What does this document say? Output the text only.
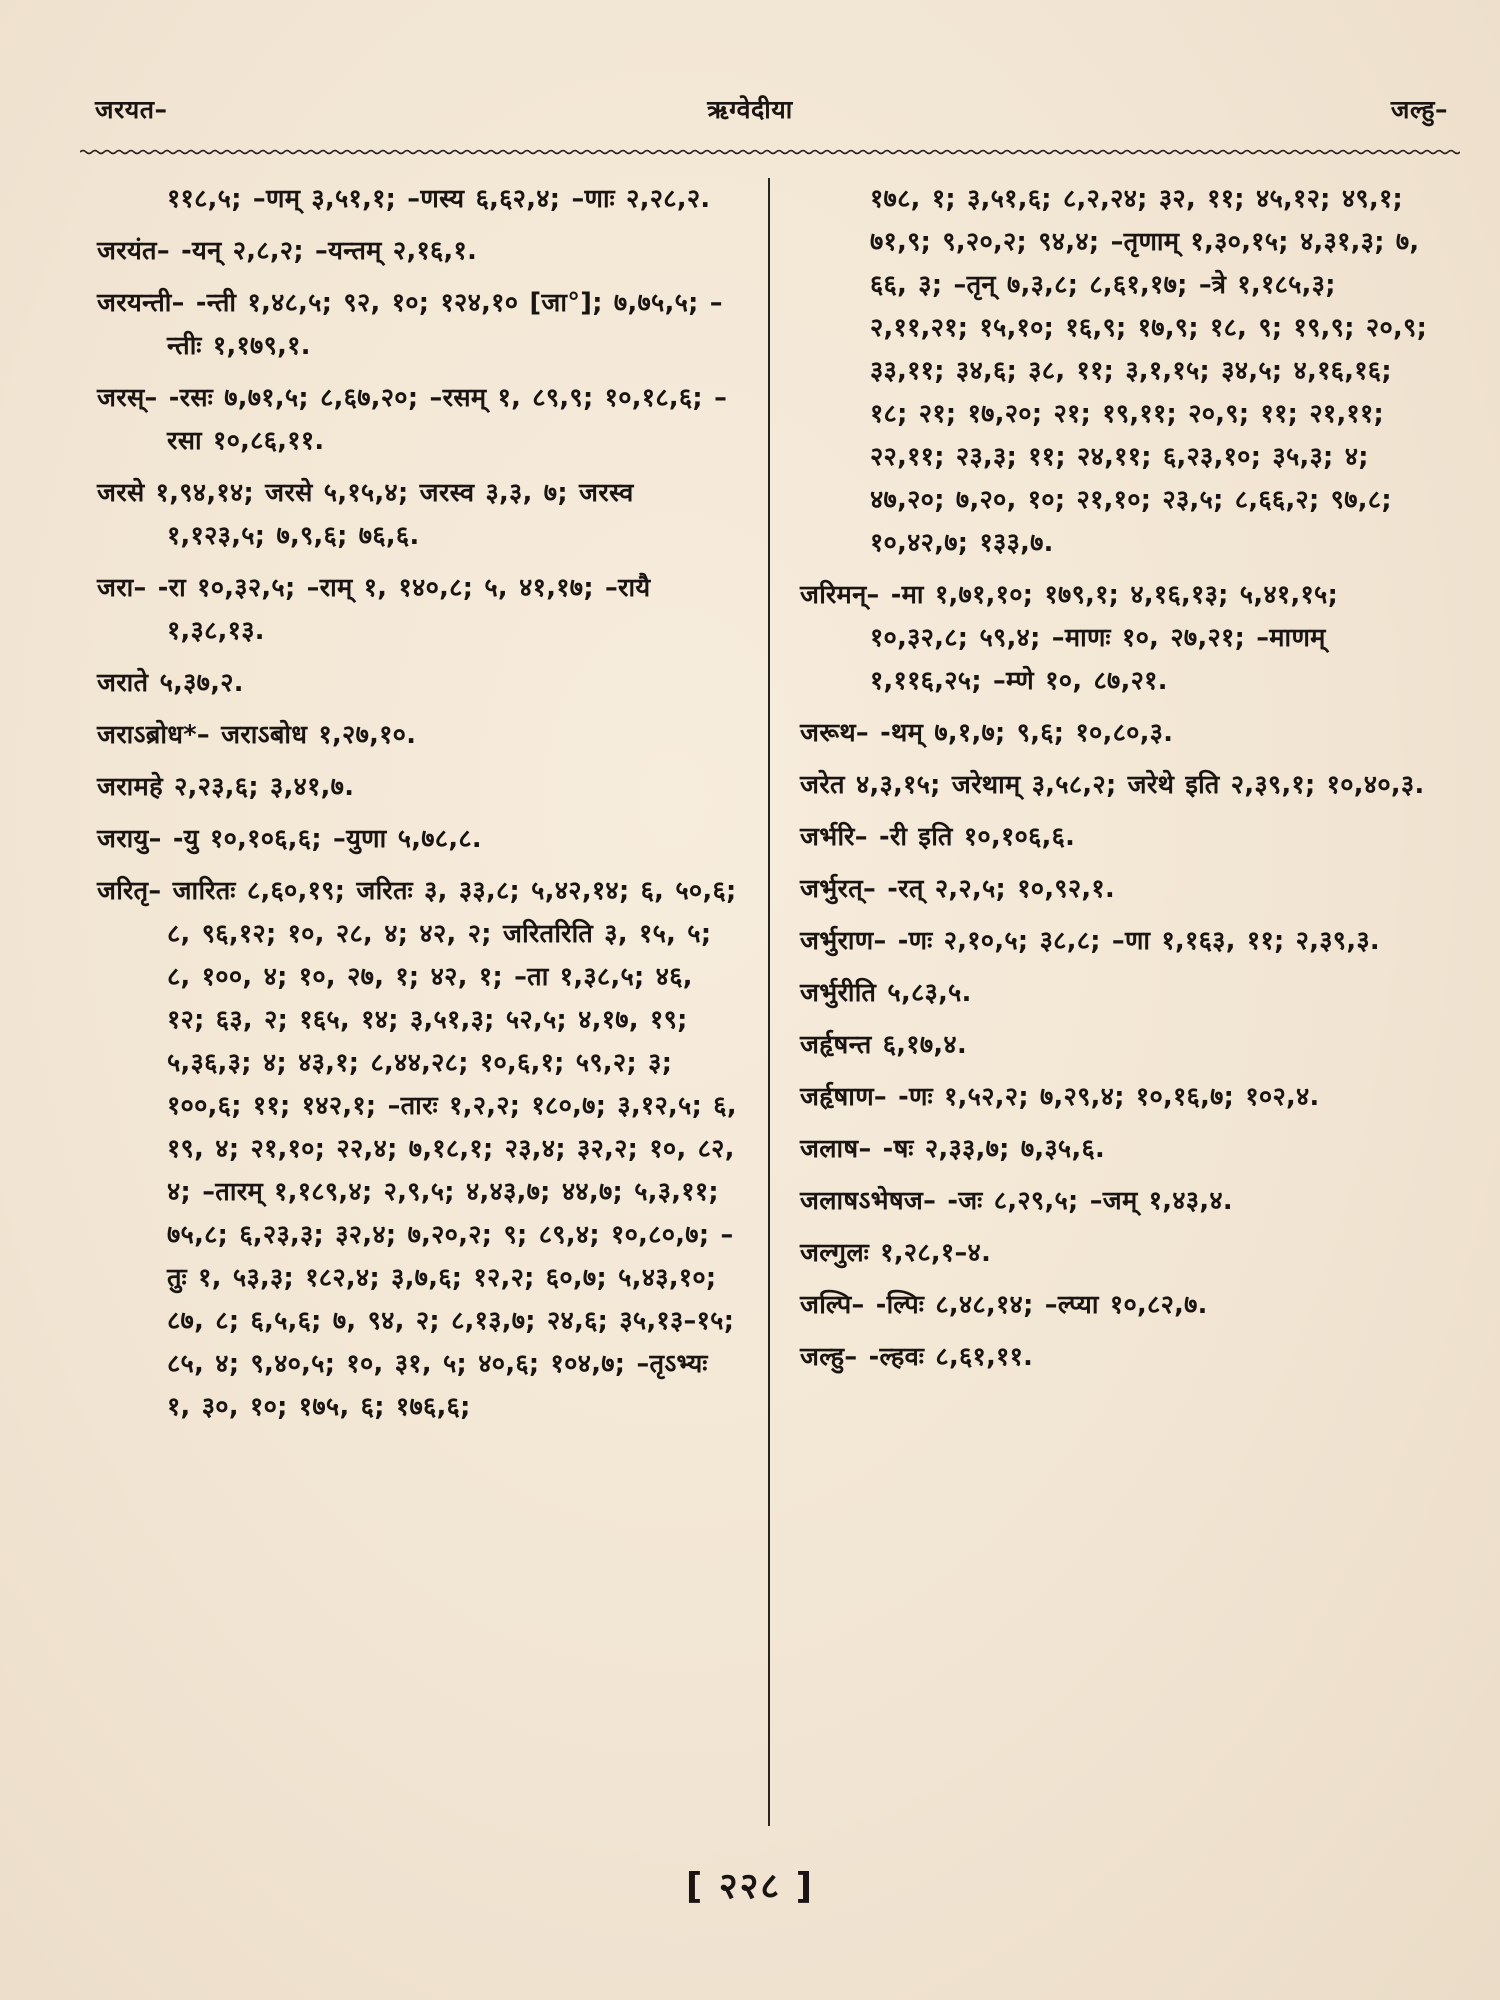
जरयत–	ऋग्वेदीया	जल्हु–

११८,५; –णम् ३,५१,१; –णस्य ६,६२,४; –णाः २,२८,२.

जरयंत– -यन् २,८,२; –यन्तम् २,१६,१.

जरयन्ती– -न्ती १,४८,५; ९२, १०; १२४,१० [जा°]; ७,७५,५; –न्तीः १,१७९,१.

जरस्– -रसः ७,७१,५; ८,६७,२०; –रसम् १, ८९,९; १०,१८,६; –रसा १०,८६,११.

जरसे १,९४,१४; जरसे ५,१५,४; जरस्व ३,३, ७; जरस्व १,१२३,५; ७,९,६; ७६,६.

जरा– -रा १०,३२,५; –राम् १, १४०,८; ५, ४१,१७; –रायै १,३८,१३.

जराते ५,३७,२.

जराऽब्रोध*– जराऽबोध १,२७,१०.

जरामहे २,२३,६; ३,४१,७.

जरायु– -यु १०,१०६,६; –युणा ५,७८,८.

जरितृ– जारितः ८,६०,१९; जरितः ३, ३३,८; ५,४२,१४; ६, ५०,६; ८, ९६,१२; १०, २८, ४; ४२, २; जरितरिति ३, १५, ५; ८, १००, ४; १०, २७, १; ४२, १; –ता १,३८,५; ४६, १२; ६३, २; १६५, १४; ३,५१,३; ५२,५; ४,१७, १९; ५,३६,३; ४; ४३,१; ८,४४,२८; १०,६,१; ५९,२; ३; १००,६; ११; १४२,१; –तारः १,२,२; १८०,७; ३,१२,५; ६, १९, ४; २१,१०; २२,४; ७,१८,१; २३,४; ३२,२; १०, ८२, ४; –तारम् १,१८९,४; २,९,५; ४,४३,७; ४४,७; ५,३,११; ७५,८; ६,२३,३; ३२,४; ७,२०,२; ९; ८९,४; १०,८०,७; –तुः १, ५३,३; १८२,४; ३,७,६; १२,२; ६०,७; ५,४३,१०; ८७, ८; ६,५,६; ७, ९४, २; ८,१३,७; २४,६; ३५,१३–१५; ८५, ४; ९,४०,५; १०, ३१, ५; ४०,६; १०४,७; –तृऽभ्यः १, ३०, १०; १७५, ६; १७६,६;

१७८, १; ३,५१,६; ८,२,२४; ३२, ११; ४५,१२; ४९,१; ७१,९; ९,२०,२; ९४,४; –तृणाम् १,३०,१५; ४,३१,३; ७, ६६, ३; –तृन् ७,३,८; ८,६१,१७; –त्रे १,१८५,३; २,११,२१; १५,१०; १६,९; १७,९; १८, ९; १९,९; २०,९; ३३,११; ३४,६; ३८, ११; ३,१,१५; ३४,५; ४,१६,१६; १८; २१; १७,२०; २१; १९,११; २०,९; ११; २१,११; २२,११; २३,३; ११; २४,११; ६,२३,१०; ३५,३; ४; ४७,२०; ७,२०, १०; २१,१०; २३,५; ८,६६,२; ९७,८; १०,४२,७; १३३,७.

जरिमन्– -मा १,७१,१०; १७९,१; ४,१६,१३; ५,४१,१५; १०,३२,८; ५९,४; –माणः १०, २७,२१; –माणम् १,११६,२५; –म्णे १०, ८७,२१.

जरूथ– -थम् ७,१,७; ९,६; १०,८०,३.

जरेत ४,३,१५; जरेथाम् ३,५८,२; जरेथे इति २,३९,१; १०,४०,३.

जर्भरि– -री इति १०,१०६,६.

जर्भुरत्– -रत् २,२,५; १०,९२,१.

जर्भुराण– -णः २,१०,५; ३८,८; –णा १,१६३, ११; २,३९,३.

जर्भुरीति ५,८३,५.

जर्हृषन्त ६,१७,४.

जर्हृषाण– -णः १,५२,२; ७,२९,४; १०,१६,७; १०२,४.

जलाष– -षः २,३३,७; ७,३५,६.

जलाषऽभेषज– -जः ८,२९,५; –जम् १,४३,४.

जल्गुलः १,२८,१–४.

जल्पि– -ल्पिः ८,४८,१४; –ल्प्या १०,८२,७.

जल्हु– -ल्हवः ८,६१,११.

[ २२८ ]
